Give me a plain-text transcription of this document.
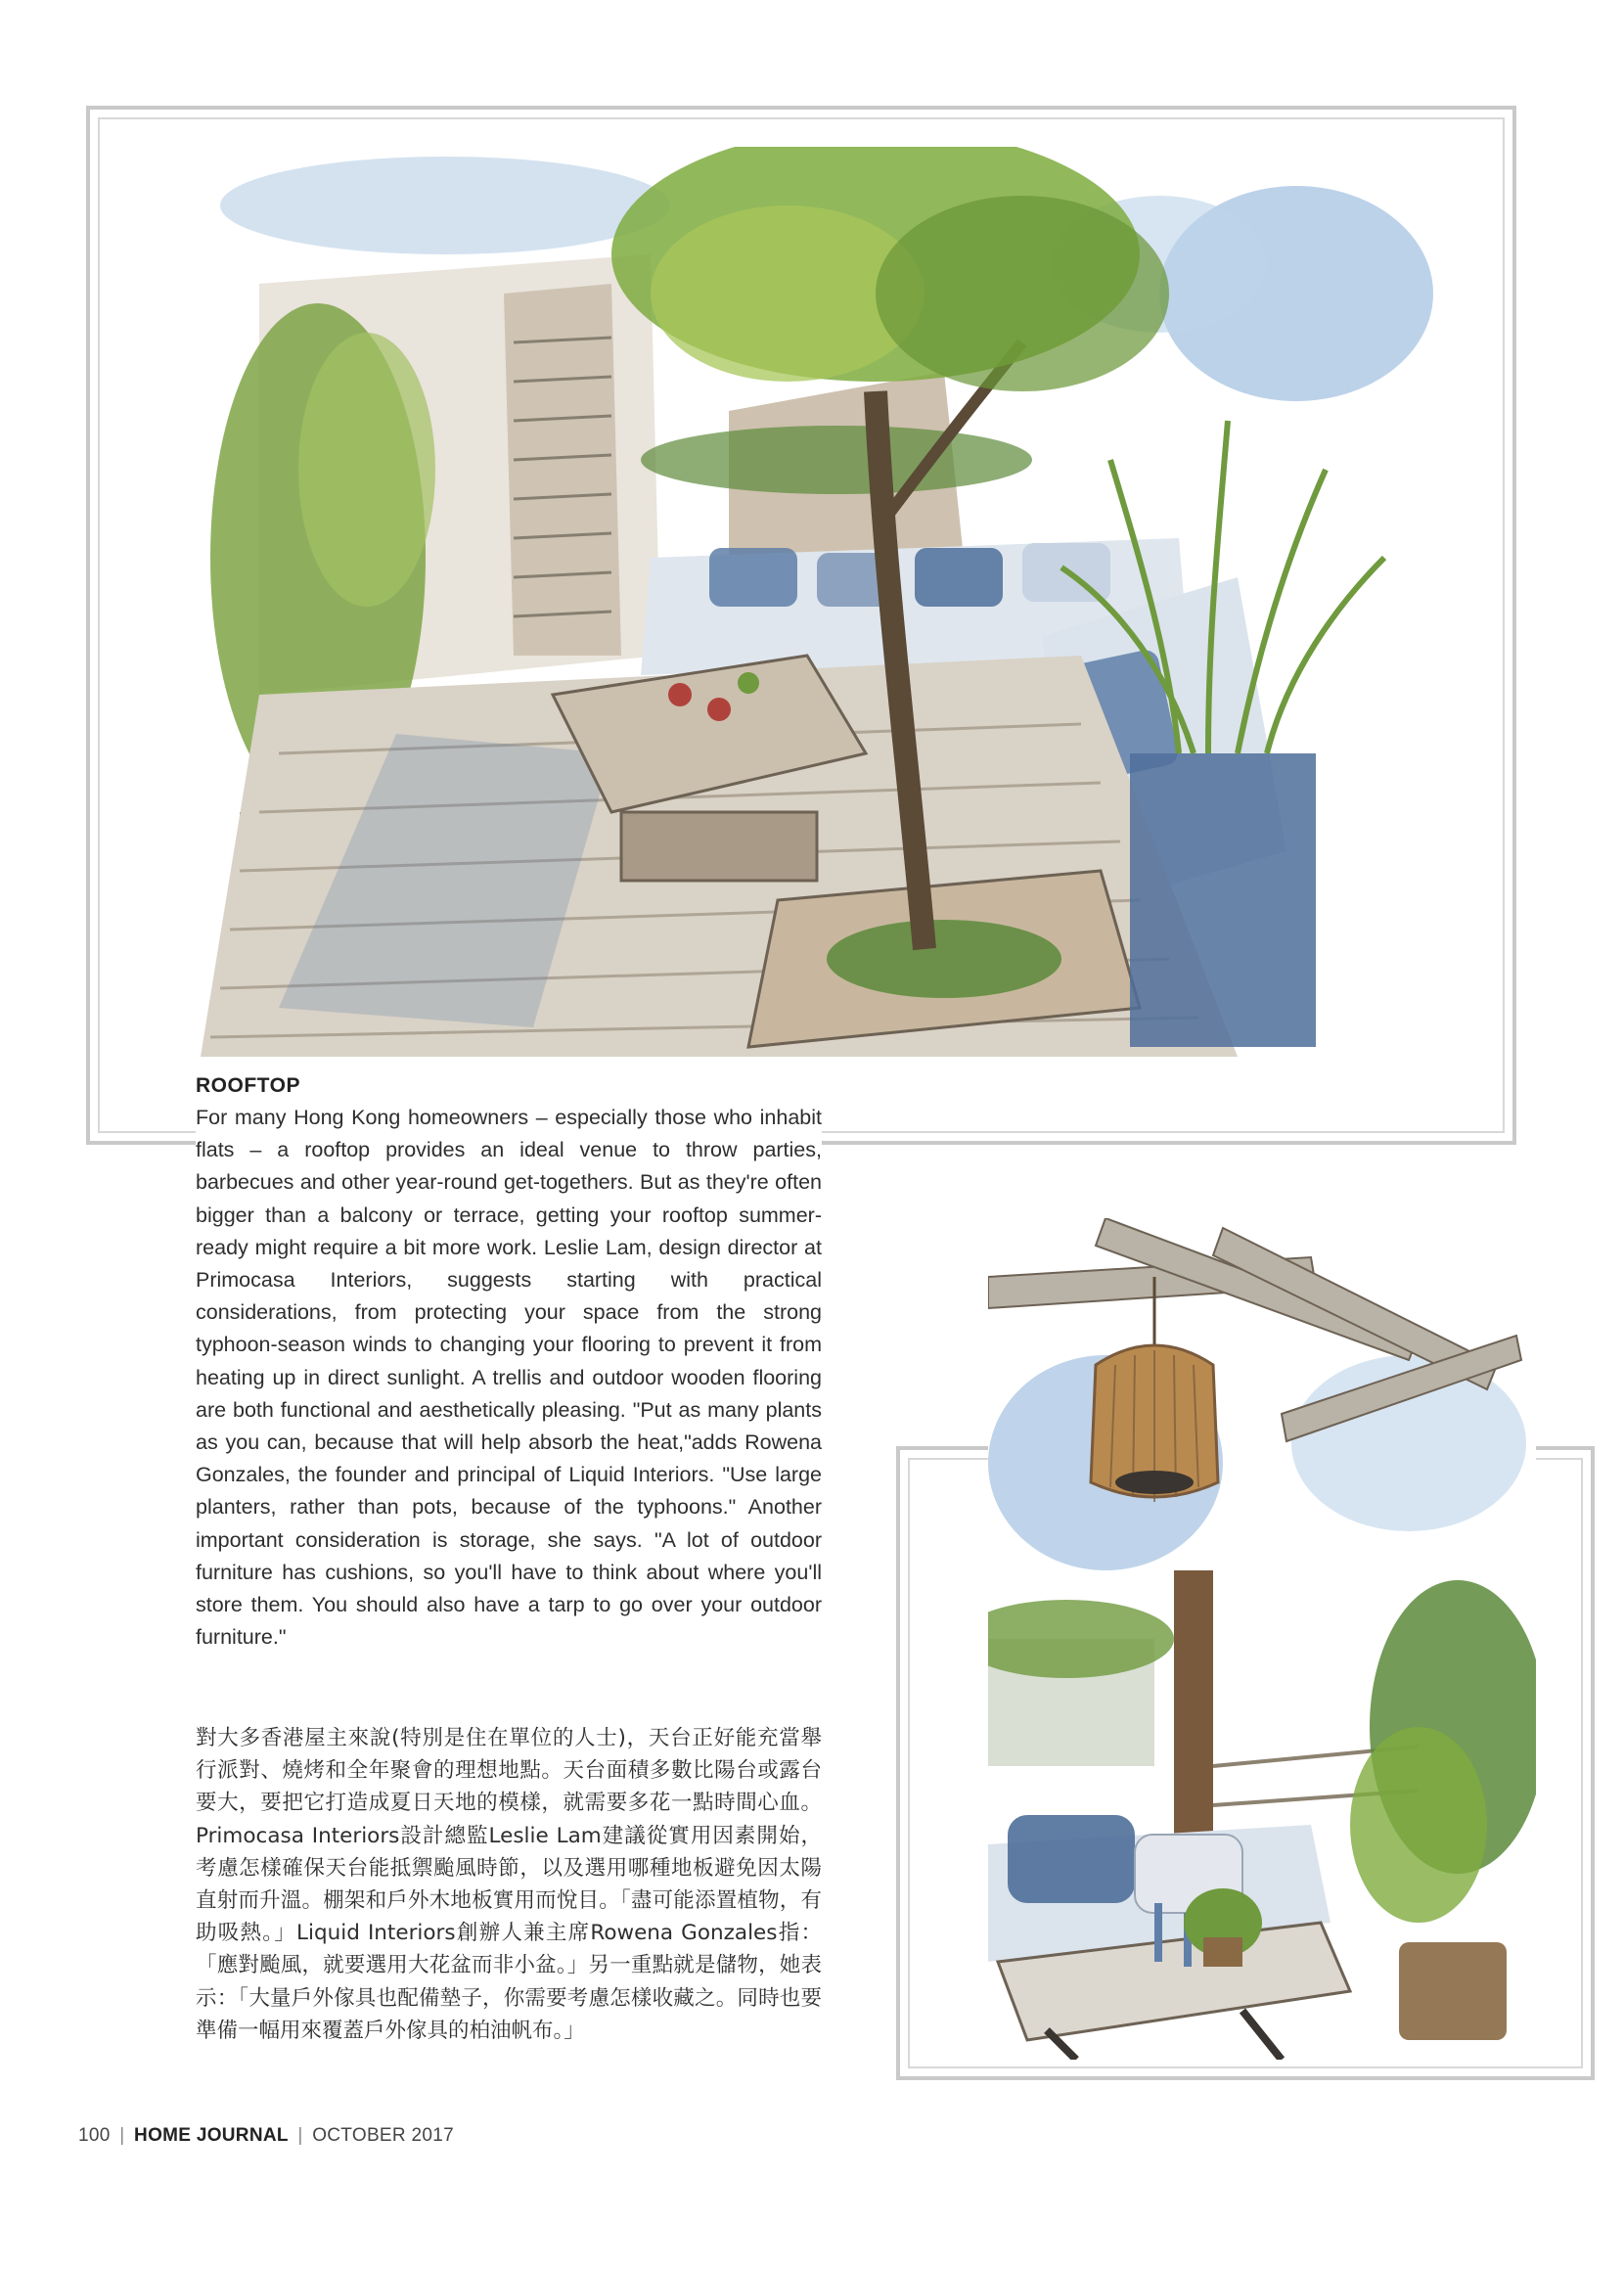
ROOFTOP

For many Hong Kong homeowners – especially those who inhabit flats – a rooftop provides an ideal venue to throw parties, barbecues and other year-round get-togethers. But as they're often bigger than a balcony or terrace, getting your rooftop summer-ready might require a bit more work. Leslie Lam, design director at Primocasa Interiors, suggests starting with practical considerations, from protecting your space from the strong typhoon-season winds to changing your flooring to prevent it from heating up in direct sunlight. A trellis and outdoor wooden flooring are both functional and aesthetically pleasing. "Put as many plants as you can, because that will help absorb the heat,"adds Rowena Gonzales, the founder and principal of Liquid Interiors. "Use large planters, rather than pots, because of the typhoons." Another important consideration is storage, she says. "A lot of outdoor furniture has cushions, so you'll have to think about where you'll store them. You should also have a tarp to go over your outdoor furniture."

對大多香港屋主來說(特別是住在單位的人士)，天台正好能充當舉行派對、燒烤和全年聚會的理想地點。天台面積多數比陽台或露台要大，要把它打造成夏日天地的模樣，就需要多花一點時間心血。Primocasa Interiors設計總監Leslie Lam建議從實用因素開始，考慮怎樣確保天台能抵禦颱風時節，以及選用哪種地板避免因太陽直射而升溫。棚架和戶外木地板實用而悅目。「盡可能添置植物，有助吸熱。」Liquid Interiors創辦人兼主席Rowena Gonzales指：「應對颱風，就要選用大花盆而非小盆。」另一重點就是儲物，她表示：「大量戶外傢具也配備墊子，你需要考慮怎樣收藏之。同時也要準備一幅用來覆蓋戶外傢具的柏油帆布。」

100 | HOME JOURNAL | OCTOBER 2017
